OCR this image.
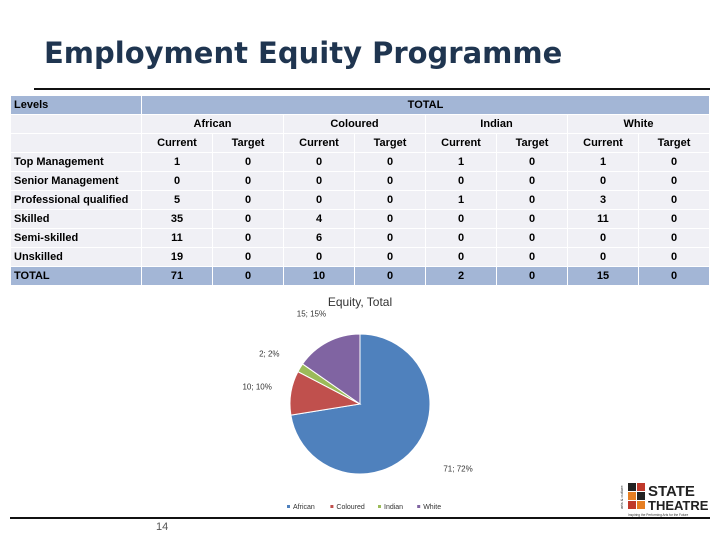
Employment Equity Programme
Levels	TOTAL							
	African		Coloured		Indian		White	
	Current	Target	Current	Target	Current	Target	Current	Target
Top Management	1	0	0	0	1	0	1	0
Senior Management	0	0	0	0	0	0	0	0
Professional qualified	5	0	0	0	1	0	3	0
Skilled	35	0	4	0	0	0	11	0
Semi-skilled	11	0	6	0	0	0	0	0
Unskilled	19	0	0	0	0	0	0	0
TOTAL	71	0	10	0	2	0	15	0
Equity, Total
71; 72%
10; 10%
2; 2%
15; 15%
African	Coloured	Indian	White	arts & culture STATE
THEATRE
Inspiring the Performing Arts for the Future
14
